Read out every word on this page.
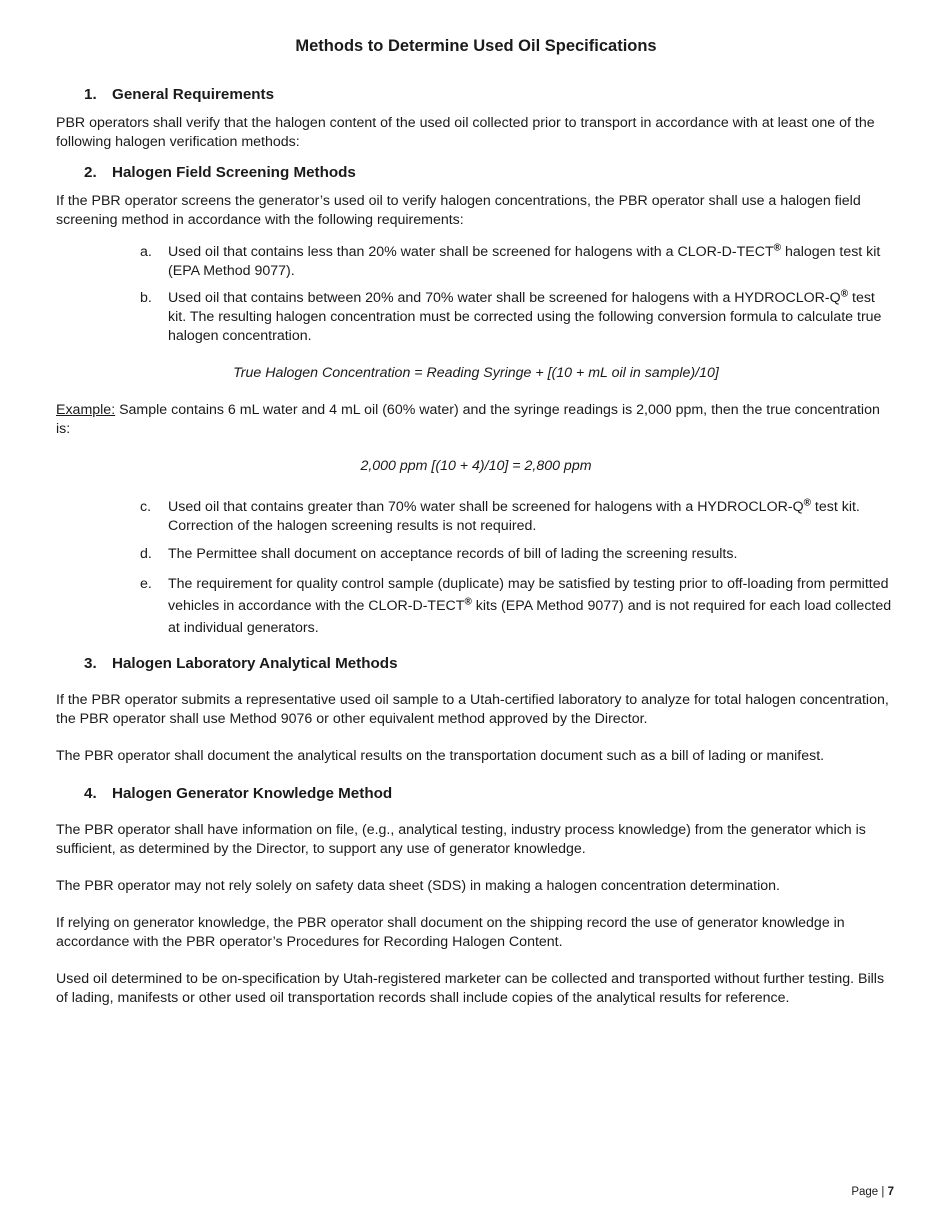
Methods to Determine Used Oil Specifications
1. General Requirements

PBR operators shall verify that the halogen content of the used oil collected prior to transport in accordance with at least one of the following halogen verification methods:

2. Halogen Field Screening Methods

If the PBR operator screens the generator’s used oil to verify halogen concentrations, the PBR operator shall use a halogen field screening method in accordance with the following requirements:

a.	Used oil that contains less than 20% water shall be screened for halogens with a CLOR-D-TECT® halogen test kit (EPA Method 9077).
b.	Used oil that contains between 20% and 70% water shall be screened for halogens with a HYDROCLOR-Q® test kit. The resulting halogen concentration must be corrected using the following conversion formula to calculate true halogen concentration.

True Halogen Concentration = Reading Syringe + [(10 + mL oil in sample)/10]

Example: Sample contains 6 mL water and 4 mL oil (60% water) and the syringe readings is 2,000 ppm, then the true concentration is:

2,000 ppm [(10 + 4)/10] = 2,800 ppm

c.	Used oil that contains greater than 70% water shall be screened for halogens with a HYDROCLOR-Q® test kit. Correction of the halogen screening results is not required.
d.	The Permittee shall document on acceptance records of bill of lading the screening results.
e.	The requirement for quality control sample (duplicate) may be satisfied by testing prior to off-loading from permitted vehicles in accordance with the CLOR-D-TECT® kits (EPA Method 9077) and is not required for each load collected at individual generators.
3. Halogen Laboratory Analytical Methods

If the PBR operator submits a representative used oil sample to a Utah-certified laboratory to analyze for total halogen concentration, the PBR operator shall use Method 9076 or other equivalent method approved by the Director.

The PBR operator shall document the analytical results on the transportation document such as a bill of lading or manifest.

4. Halogen Generator Knowledge Method

The PBR operator shall have information on file, (e.g., analytical testing, industry process knowledge) from the generator which is sufficient, as determined by the Director, to support any use of generator knowledge.

The PBR operator may not rely solely on safety data sheet (SDS) in making a halogen concentration determination.

If relying on generator knowledge, the PBR operator shall document on the shipping record the use of generator knowledge in accordance with the PBR operator’s Procedures for Recording Halogen Content.

Used oil determined to be on-specification by Utah-registered marketer can be collected and transported without further testing. Bills of lading, manifests or other used oil transportation records shall include copies of the analytical results for reference.

Page | 7
